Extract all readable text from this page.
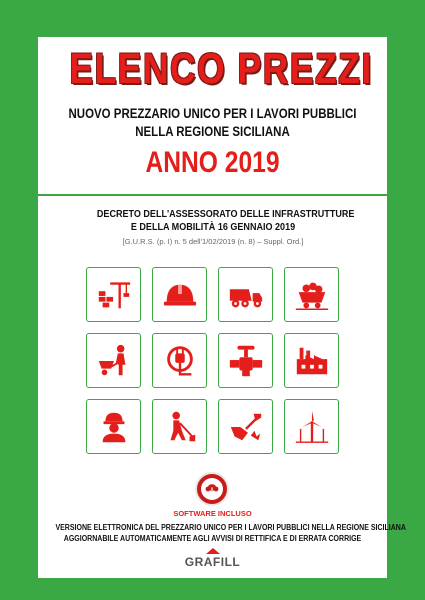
ELENCO PREZZI
NUOVO PREZZARIO UNICO PER I LAVORI PUBBLICI
NELLA REGIONE SICILIANA
ANNO 2019
DECRETO DELL'ASSESSORATO DELLE INFRASTRUTTURE
E DELLA MOBILITÀ 16 GENNAIO 2019
[G.U.R.S. (p. I) n. 5 dell'1/02/2019 (n. 8) – Suppl. Ord.]
SOFTWARE INCLUSO
VERSIONE ELETTRONICA DEL PREZZARIO UNICO PER I LAVORI PUBBLICI NELLA REGIONE SICILIANA
AGGIORNABILE AUTOMATICAMENTE AGLI AVVISI DI RETTIFICA E DI ERRATA CORRIGE
GRAFILL
